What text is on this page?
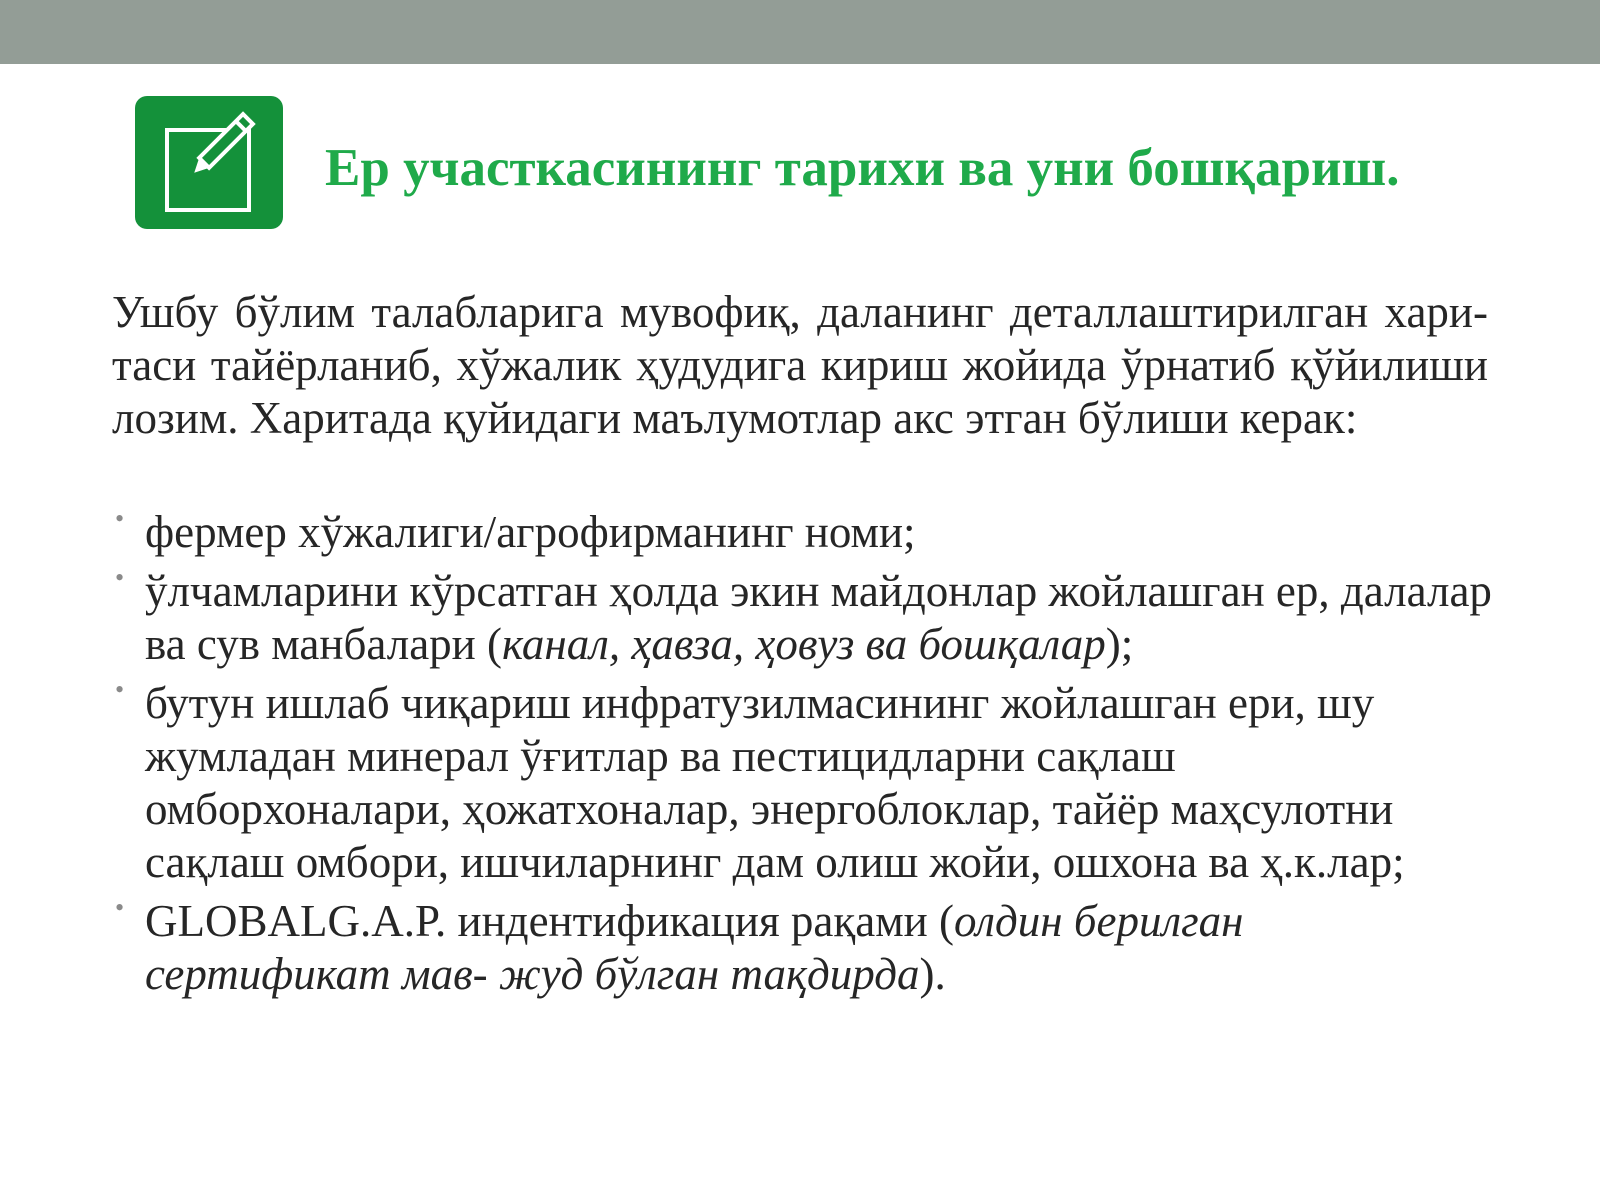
Ер участкасининг тарихи ва уни бошқариш.

Ушбу бўлим талабларига мувофиқ, даланинг деталлаштирилган хари- таси тайёрланиб, хўжалик ҳудудига кириш жойида ўрнатиб қўйилиши лозим. Харитада қуйидаги маълумотлар акс этган бўлиши керак:

• фермер хўжалиги/агрофирманинг номи;
• ўлчамларини кўрсатган ҳолда экин майдонлар жойлашган ер, далалар ва сув манбалари (канал, ҳавза, ҳовуз ва бошқалар);
• бутун ишлаб чиқариш инфратузилмасининг жойлашган ери, шу жумладан минерал ўғитлар ва пестицидларни сақлаш омборхоналари, ҳожатхоналар, энергоблоклар, тайёр маҳсулотни сақлаш омбори, ишчиларнинг дам олиш жойи, ошхона ва ҳ.к.лар;
• GLOBALG.A.P. индентификация рақами (олдин берилган сертификат мав- жуд бўлган тақдирда).
